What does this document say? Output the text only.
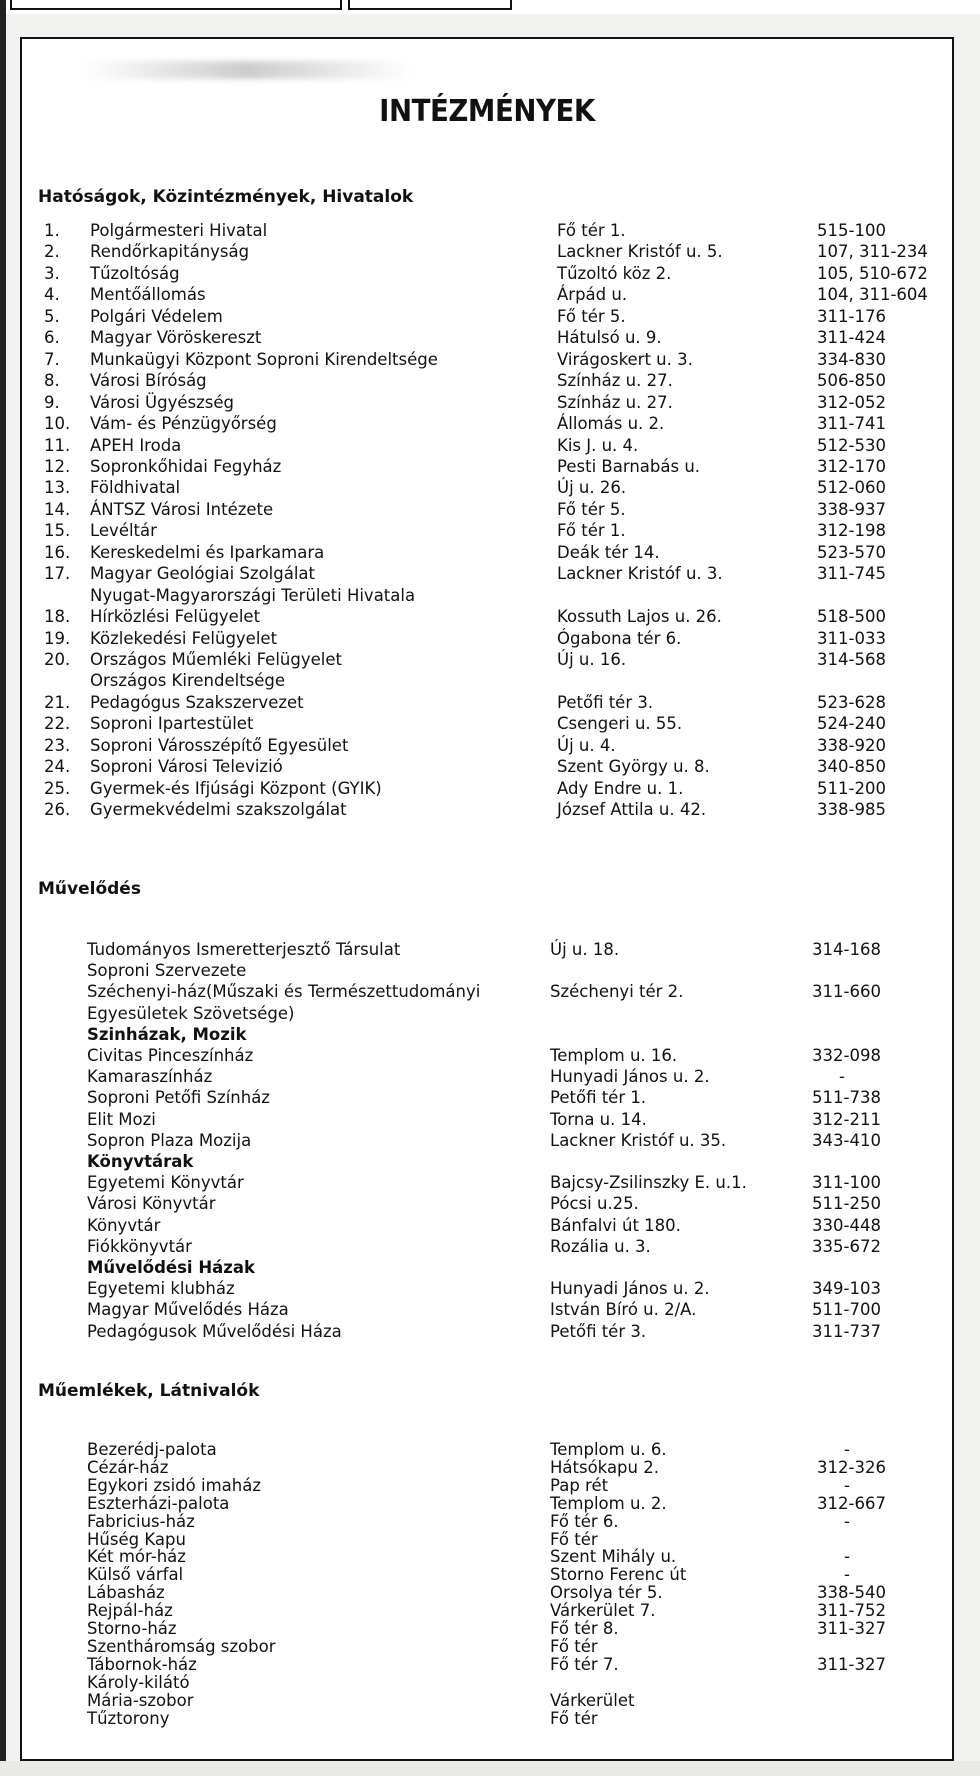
INTÉZMÉNYEK
Hatóságok, Közintézmények, Hivatalok
1.	Polgármesteri Hivatal	Fő tér 1.	515-100
2.	Rendőrkapitányság	Lackner Kristóf u. 5.	107, 311-234
3.	Tűzoltóság	Tűzoltó köz 2.	105, 510-672
4.	Mentőállomás	Árpád u.	104, 311-604
5.	Polgári Védelem	Fő tér 5.	311-176
6.	Magyar Vöröskereszt	Hátulsó u. 9.	311-424
7.	Munkaügyi Központ Soproni Kirendeltsége	Virágoskert u. 3.	334-830
8.	Városi Bíróság	Színház u. 27.	506-850
9.	Városi Ügyészség	Színház u. 27.	312-052
10.	Vám- és Pénzügyőrség	Állomás u. 2.	311-741
11.	APEH Iroda	Kis J. u. 4.	512-530
12.	Sopronkőhidai Fegyház	Pesti Barnabás u.	312-170
13.	Földhivatal	Új u. 26.	512-060
14.	ÁNTSZ Városi Intézete	Fő tér 5.	338-937
15.	Levéltár	Fő tér 1.	312-198
16.	Kereskedelmi és Iparkamara	Deák tér 14.	523-570
17.	Magyar Geológiai Szolgálat	Lackner Kristóf u. 3.	311-745
Nyugat-Magyarországi Területi Hivatala
18.	Hírközlési Felügyelet	Kossuth Lajos u. 26.	518-500
19.	Közlekedési Felügyelet	Ógabona tér 6.	311-033
20.	Országos Műemléki Felügyelet	Új u. 16.	314-568
Országos Kirendeltsége
21.	Pedagógus Szakszervezet	Petőfi tér 3.	523-628
22.	Soproni Ipartestület	Csengeri u. 55.	524-240
23.	Soproni Városszépítő Egyesület	Új u. 4.	338-920
24.	Soproni Városi Televizió	Szent György u. 8.	340-850
25.	Gyermek-és Ifjúsági Központ (GYIK)	Ady Endre u. 1.	511-200
26.	Gyermekvédelmi szakszolgálat	József Attila u. 42.	338-985
Művelődés
Tudományos Ismeretterjesztő Társulat	Új u. 18.	314-168
Soproni Szervezete
Széchenyi-ház(Műszaki és Természettudományi	Széchenyi tér 2.	311-660
Egyesületek Szövetsége)
Szinházak, Mozik
Civitas Pinceszínház	Templom u. 16.	332-098
Kamaraszínház	Hunyadi János u. 2.	-
Soproni Petőfi Színház	Petőfi tér 1.	511-738
Elit Mozi	Torna u. 14.	312-211
Sopron Plaza Mozija	Lackner Kristóf u. 35.	343-410
Könyvtárak
Egyetemi Könyvtár	Bajcsy-Zsilinszky E. u.1.	311-100
Városi Könyvtár	Pócsi u.25.	511-250
Könyvtár	Bánfalvi út 180.	330-448
Fiókkönyvtár	Rozália u. 3.	335-672
Művelődési Házak
Egyetemi klubház	Hunyadi János u. 2.	349-103
Magyar Művelődés Háza	István Bíró u. 2/A.	511-700
Pedagógusok Művelődési Háza	Petőfi tér 3.	311-737
Műemlékek, Látnivalók
Bezerédj-palota	Templom u. 6.	-
Cézár-ház	Hátsókapu 2.	312-326
Egykori zsidó imaház	Pap rét	-
Eszterházi-palota	Templom u. 2.	312-667
Fabricius-ház	Fő tér 6.	-
Hűség Kapu	Fő tér
Két mór-ház	Szent Mihály u.	-
Külső várfal	Storno Ferenc út	-
Lábasház	Orsolya tér 5.	338-540
Rejpál-ház	Várkerület 7.	311-752
Storno-ház	Fő tér 8.	311-327
Szentháromság szobor	Fő tér
Tábornok-ház	Fő tér 7.	311-327
Károly-kilátó
Mária-szobor	Várkerület
Tűztorony	Fő tér
